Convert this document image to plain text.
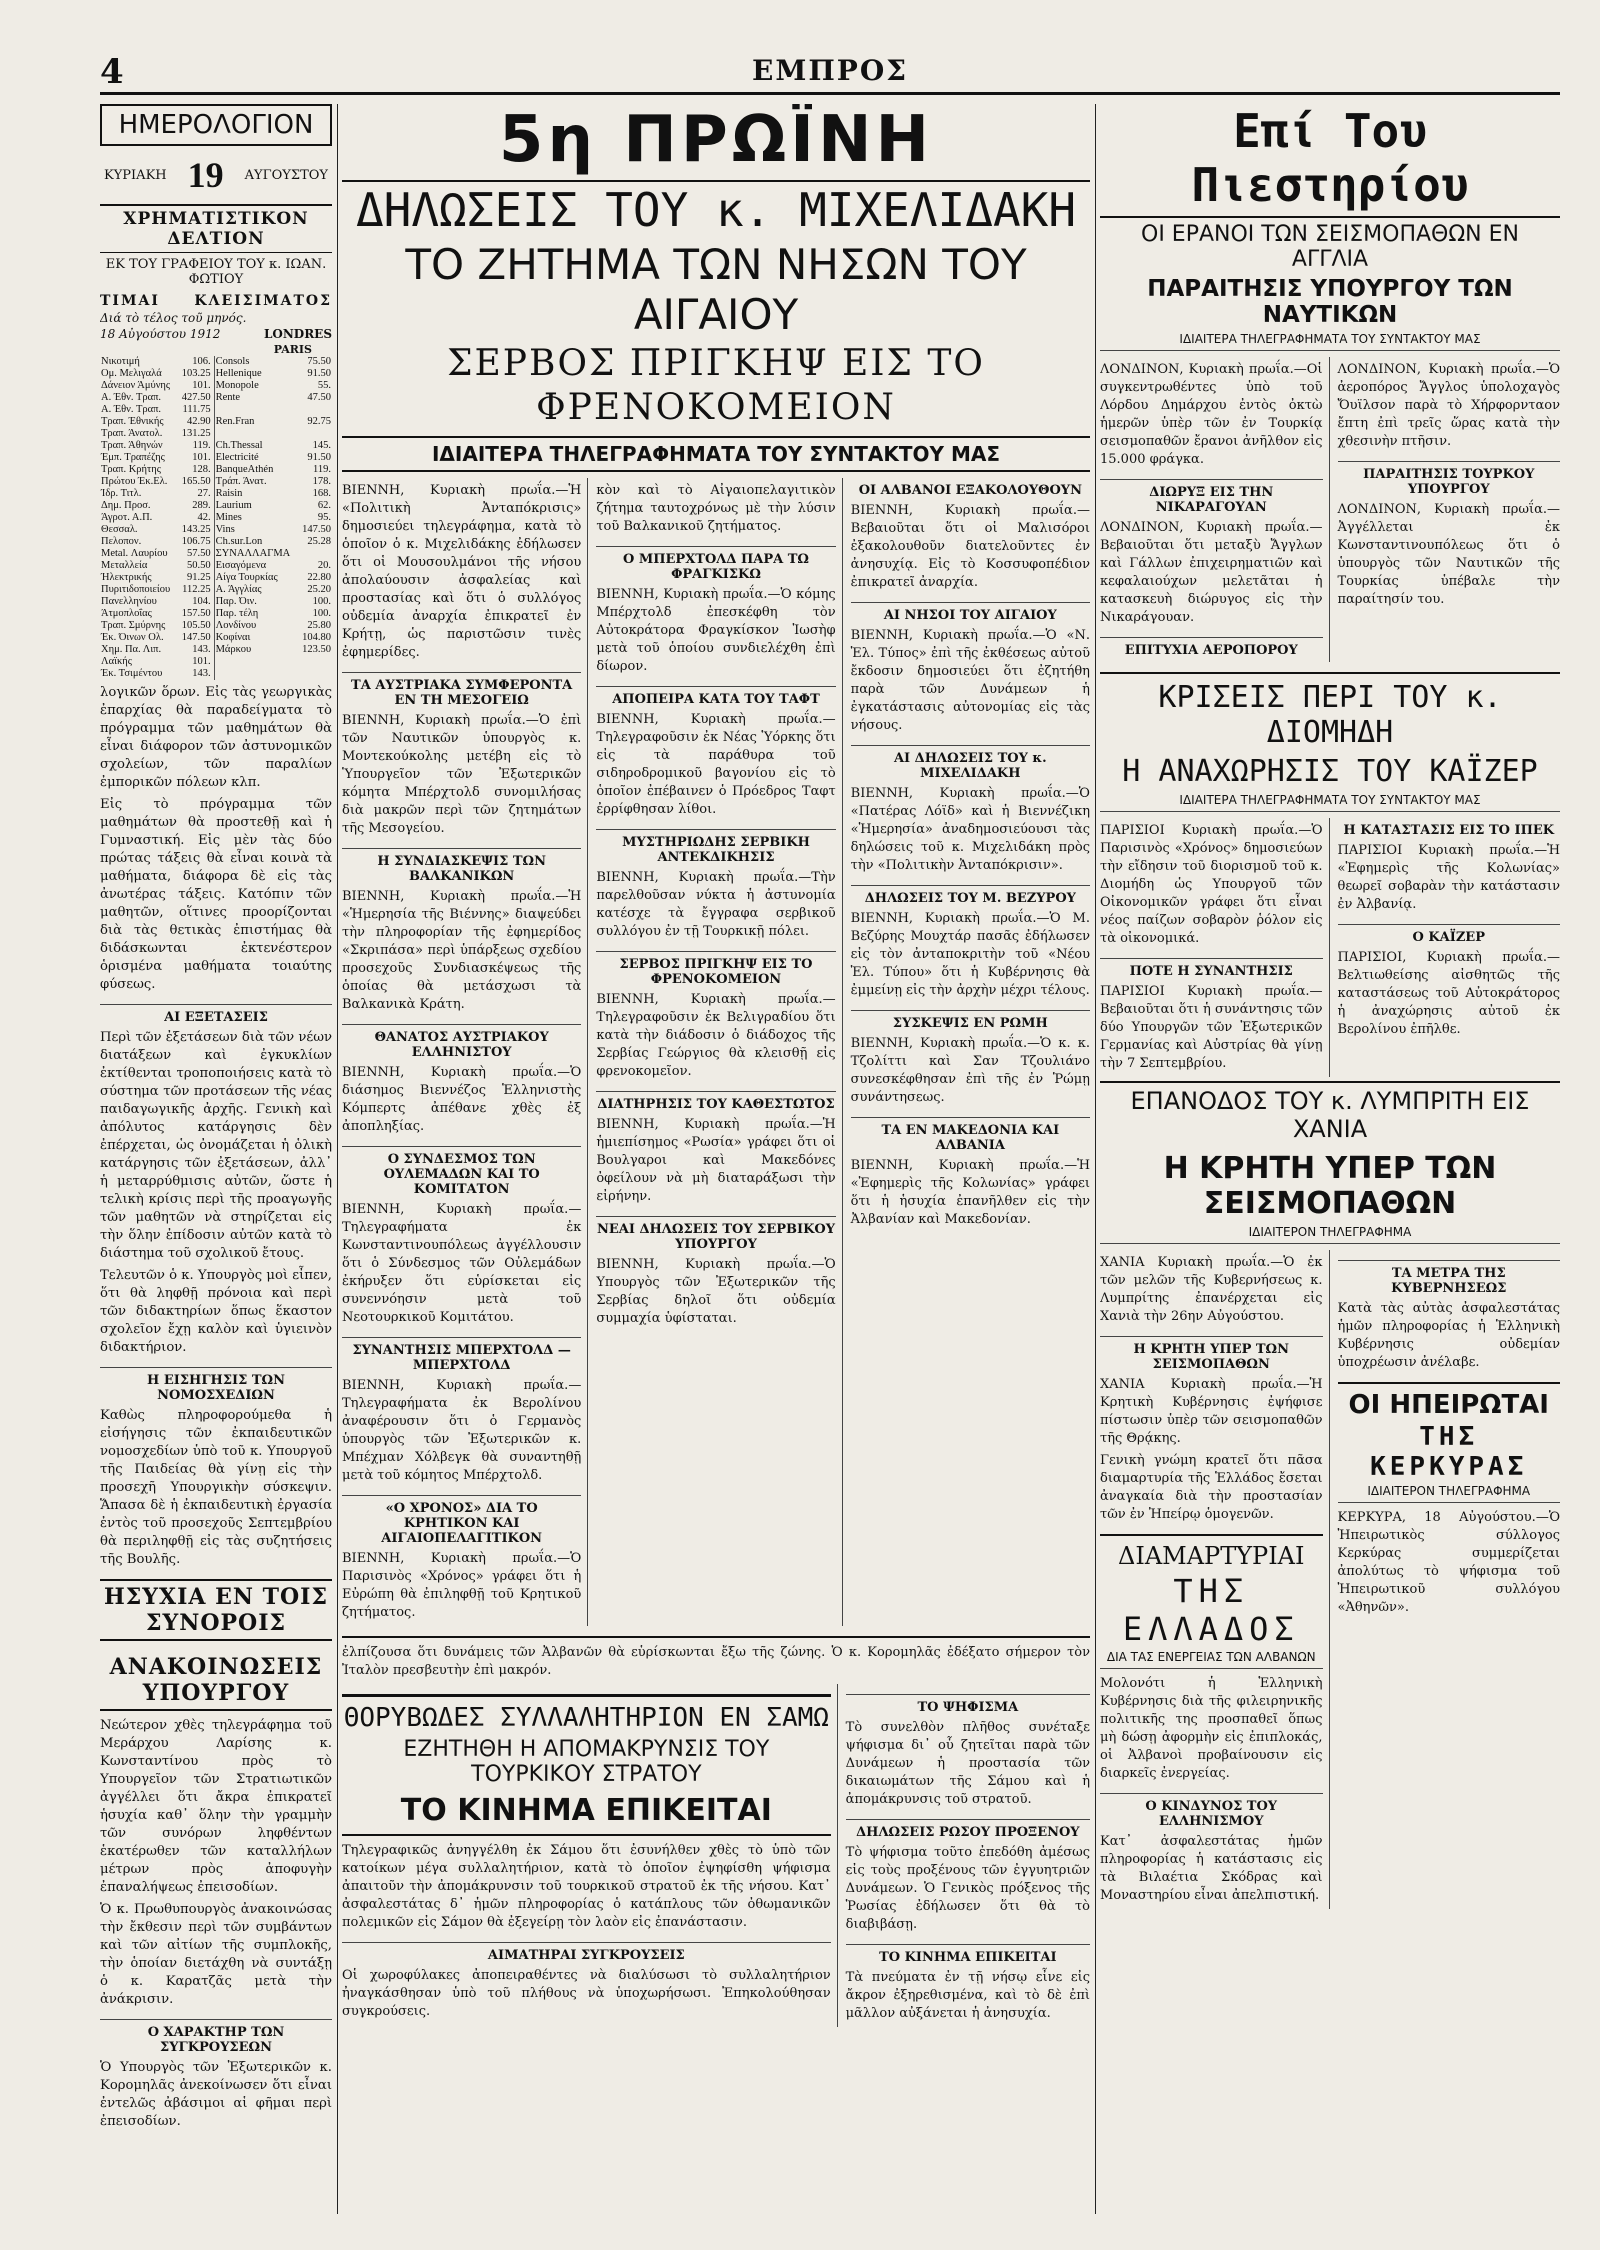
4	ΕΜΠΡΟΣ
ΗΜΕΡΟΛΟΓΙΟΝ
ΚΥΡΙΑΚΗ 19 ΑΥΓΟΥΣΤΟΥ
ΧΡΗΜΑΤΙΣΤΙΚΟΝ ΔΕΛΤΙΟΝ
ΕΚ ΤΟΥ ΓΡΑΦΕΙΟΥ ΤΟΥ κ. ΙΩΑΝ. ΦΩΤΙΟΥ
ΤΙΜΑΙ ΚΛΕΙΣΙΜΑΤΟΣ
Διά τὸ τέλος τοῦ μηνός.
18 Αὐγούστου 1912	LONDRES
PARIS
Νικοτιμή	106.	Consols	75.50
Ομ. Μελιγαλά	103.25	Hellenique	91.50
Δάνειον Άμύνης	101.	Monopole	55.
Α. Έθν. Τραπ.	427.50	Rente	47.50
Α. Έθν. Τραπ.	111.75		
Τραπ. Έθνικής	42.90	Ren.Fran	92.75
Τραπ. Άνατολ.	131.25		
Τραπ. Άθηνών	119.	Ch.Thessal	145.
Έμπ. Τραπέζης	101.	Electricité	91.50
Τραπ. Κρήτης	128.	BanqueAthén	119.
Πρώτου Έκ.Ελ.	165.50	Τράπ. Άνατ.	178.
Ίδρ. Τιτλ.	27.	Raisin	168.
Δημ. Προσ.	289.	Laurium	62.
Άγροτ. Α.Π.	42.	Mines	95.
Θεσσαλ.	143.25	Vins	147.50
Πελοπον.	106.75	Ch.sur.Lon	25.28
Metal. Λαυρίου	57.50	ΣΥΝΑΛΛΑΓΜΑ	
Μεταλλεία	50.50	Εισαγόμενα	20.
Ήλεκτρικής	91.25	Αίγα Τουρκίας	22.80
Πυριτιδοποιείου	112.25	Α. Άγγλίας	25.20
Πανελληνίου	104.	Παρ. Όιν.	100.
Άτμοπλοΐας	157.50	Παρ. τέλη	100.
Τραπ. Σμύρνης	105.50	Λονδίνου	25.80
Έκ. Όινων Ολ.	147.50	Κοφίναι	104.80
Χημ. Πα. Λιπ.	143.	Μάρκου	123.50
Λαϊκής	101.		
Έκ. Τσιμέντου	143.		
λογικῶν ὅρων. Εἰς τὰς γεωργικὰς ἐπαρχίας θὰ παραδείγματα τὸ πρόγραμμα τῶν μαθημάτων θὰ εἶναι διάφορον τῶν ἀστυνομικῶν σχολείων, τῶν παραλίων ἐμπορικῶν πόλεων κλπ.
Εἰς τὸ πρόγραμμα τῶν μαθημάτων θὰ προστεθῇ καὶ ἡ Γυμναστική. Εἰς μὲν τὰς δύο πρώτας τάξεις θὰ εἶναι κοινὰ τὰ μαθήματα, διάφορα δὲ εἰς τὰς ἀνωτέρας τάξεις. Κατόπιν τῶν μαθητῶν, οἵτινες προορίζονται διὰ τὰς θετικὰς ἐπιστήμας θὰ διδάσκωνται ἐκτενέστερον ὁρισμένα μαθήματα τοιαύτης φύσεως.
ΑΙ ΕΞΕΤΑΣΕΙΣ
Περὶ τῶν ἐξετάσεων διὰ τῶν νέων διατάξεων καὶ ἐγκυκλίων ἐκτίθενται τροποποιήσεις κατὰ τὸ σύστημα τῶν προτάσεων τῆς νέας παιδαγωγικῆς ἀρχῆς. Γενικὴ καὶ ἀπόλυτος κατάργησις δὲν ἐπέρχεται, ὡς ὀνομάζεται ἡ ὁλικὴ κατάργησις τῶν ἐξετάσεων, ἀλλ᾽ ἡ μεταρρύθμισις αὐτῶν, ὥστε ἡ τελικὴ κρίσις περὶ τῆς προαγωγῆς τῶν μαθητῶν νὰ στηρίζεται εἰς τὴν ὅλην ἐπίδοσιν αὐτῶν κατὰ τὸ διάστημα τοῦ σχολικοῦ ἔτους.
Τελευτῶν ὁ κ. Υπουργὸς μοὶ εἶπεν, ὅτι θὰ ληφθῇ πρόνοια καὶ περὶ τῶν διδακτηρίων ὅπως ἕκαστον σχολεῖον ἔχῃ καλὸν καὶ ὑγιεινὸν διδακτήριον.
Η ΕΙΣΗΓΗΣΙΣ ΤΩΝ ΝΟΜΟΣΧΕΔΙΩΝ
Καθὼς πληροφορούμεθα ἡ εἰσήγησις τῶν ἐκπαιδευτικῶν νομοσχεδίων ὑπὸ τοῦ κ. Υπουργοῦ τῆς Παιδείας θὰ γίνῃ εἰς τὴν προσεχῆ Υπουργικὴν σύσκεψιν. Ἅπασα δὲ ἡ ἐκπαιδευτικὴ ἐργασία ἐντὸς τοῦ προσεχοῦς Σεπτεμβρίου θὰ περιληφθῇ εἰς τὰς συζητήσεις τῆς Βουλῆς.
ΗΣΥΧΙΑ ΕΝ ΤΟΙΣ ΣΥΝΟΡΟΙΣ
ΑΝΑΚΟΙΝΩΣΕΙΣ ΥΠΟΥΡΓΟΥ
Νεώτερον χθὲς τηλεγράφημα τοῦ Μεράρχου Λαρίσης κ. Κωνσταντίνου πρὸς τὸ Υπουργεῖον τῶν Στρατιωτικῶν ἀγγέλλει ὅτι ἄκρα ἐπικρατεῖ ἡσυχία καθ᾽ ὅλην τὴν γραμμὴν τῶν συνόρων ληφθέντων ἑκατέρωθεν τῶν καταλλήλων μέτρων πρὸς ἀποφυγὴν ἐπαναλήψεως ἐπεισοδίων.
Ὁ κ. Πρωθυπουργὸς ἀνακοινώσας τὴν ἔκθεσιν περὶ τῶν συμβάντων καὶ τῶν αἰτίων τῆς συμπλοκῆς, τὴν ὁποίαν διετάχθη νὰ συντάξῃ ὁ κ. Καρατζᾶς μετὰ τὴν ἀνάκρισιν.
Ο ΧΑΡΑΚΤΗΡ ΤΩΝ ΣΥΓΚΡΟΥΣΕΩΝ
Ὁ Υπουργὸς τῶν Ἐξωτερικῶν κ. Κορομηλᾶς ἀνεκοίνωσεν ὅτι εἶναι ἐντελῶς ἀβάσιμοι αἱ φῆμαι περὶ ἐπεισοδίων.
5η ΠΡΩΪΝΗ
ΔΗΛΩΣΕΙΣ ΤΟΥ κ. ΜΙΧΕΛΙΔΑΚΗ
ΤΟ ΖΗΤΗΜΑ ΤΩΝ ΝΗΣΩΝ ΤΟΥ ΑΙΓΑΙΟΥ
ΣΕΡΒΟΣ ΠΡΙΓΚΗΨ ΕΙΣ ΤΟ ΦΡΕΝΟΚΟΜΕΙΟΝ
ΙΔΙΑΙΤΕΡΑ ΤΗΛΕΓΡΑΦΗΜΑΤΑ ΤΟΥ ΣΥΝΤΑΚΤΟΥ ΜΑΣ
ΒΙΕΝΝΗ, Κυριακὴ πρωΐα.—Ἡ «Πολιτικὴ Ἀνταπόκρισις» δημοσιεύει τηλεγράφημα, κατὰ τὸ ὁποῖον ὁ κ. Μιχελιδάκης ἐδήλωσεν ὅτι οἱ Μουσουλμάνοι τῆς νήσου ἀπολαύουσιν ἀσφαλείας καὶ προστασίας καὶ ὅτι ὁ συλλόγος οὐδεμία ἀναρχία ἐπικρατεῖ ἐν Κρήτῃ, ὡς παριστῶσιν τινὲς ἐφημερίδες.
ΤΑ ΑΥΣΤΡΙΑΚΑ ΣΥΜΦΕΡΟΝΤΑ ΕΝ ΤΗ ΜΕΣΟΓΕΙΩ
ΒΙΕΝΝΗ, Κυριακὴ πρωΐα.—Ὁ ἐπὶ τῶν Ναυτικῶν ὑπουργὸς κ. Μοντεκούκολης μετέβη εἰς τὸ Ὑπουργεῖον τῶν Ἐξωτερικῶν κόμητα Μπέρχτολδ συνομιλήσας διὰ μακρῶν περὶ τῶν ζητημάτων τῆς Μεσογείου.
Η ΣΥΝΔΙΑΣΚΕΨΙΣ ΤΩΝ ΒΑΛΚΑΝΙΚΩΝ
ΒΙΕΝΝΗ, Κυριακὴ πρωΐα.—Ἡ «Ἡμερησία τῆς Βιέννης» διαψεύδει τὴν πληροφορίαν τῆς ἐφημερίδος «Σκριπάσα» περὶ ὑπάρξεως σχεδίου προσεχοῦς Συνδιασκέψεως τῆς ὁποίας θὰ μετάσχωσι τὰ Βαλκανικὰ Κράτη.
ΘΑΝΑΤΟΣ ΑΥΣΤΡΙΑΚΟΥ ΕΛΛΗΝΙΣΤΟΥ
ΒΙΕΝΝΗ, Κυριακὴ πρωΐα.—Ὁ διάσημος Βιεννέζος Ἑλληνιστὴς Κόμπερτς ἀπέθανε χθὲς ἐξ ἀποπληξίας.
Ο ΣΥΝΔΕΣΜΟΣ ΤΩΝ ΟΥΛΕΜΑΔΩΝ ΚΑΙ ΤΟ ΚΟΜΙΤΑΤΟΝ
ΒΙΕΝΝΗ, Κυριακὴ πρωΐα.—Τηλεγραφήματα ἐκ Κωνσταντινουπόλεως ἀγγέλλουσιν ὅτι ὁ Σύνδεσμος τῶν Οὐλεμάδων ἐκήρυξεν ὅτι εὑρίσκεται εἰς συνεννόησιν μετὰ τοῦ Νεοτουρκικοῦ Κομιτάτου.
ΣΥΝΑΝΤΗΣΙΣ ΜΠΕΡΧΤΟΛΔ — ΜΠΕΡΧΤΟΛΔ
ΒΙΕΝΝΗ, Κυριακὴ πρωΐα.—Τηλεγραφήματα ἐκ Βερολίνου ἀναφέρουσιν ὅτι ὁ Γερμανὸς ὑπουργὸς τῶν Ἐξωτερικῶν κ. Μπέχμαν Χόλβεγκ θὰ συναντηθῇ μετὰ τοῦ κόμητος Μπέρχτολδ.
«Ο ΧΡΟΝΟΣ» ΔΙΑ ΤΟ ΚΡΗΤΙΚΟΝ ΚΑΙ ΑΙΓΑΙΟΠΕΛΑΓΙΤΙΚΟΝ
ΒΙΕΝΝΗ, Κυριακὴ πρωΐα.—Ὁ Παρισινὸς «Χρόνος» γράφει ὅτι ἡ Εὐρώπη θὰ ἐπιληφθῇ τοῦ Κρητικοῦ ζητήματος.
κὸν καὶ τὸ Αἰγαιοπελαγιτικὸν ζήτημα ταυτοχρόνως μὲ τὴν λύσιν τοῦ Βαλκανικοῦ ζητήματος.
Ο ΜΠΕΡΧΤΟΛΔ ΠΑΡΑ ΤΩ ΦΡΑΓΚΙΣΚΩ
ΒΙΕΝΝΗ, Κυριακὴ πρωΐα.—Ὁ κόμης Μπέρχτολδ ἐπεσκέφθη τὸν Αὐτοκράτορα Φραγκίσκον Ἰωσὴφ μετὰ τοῦ ὁποίου συνδιελέχθη ἐπὶ δίωρον.
ΑΠΟΠΕΙΡΑ ΚΑΤΑ ΤΟΥ ΤΑΦΤ
ΒΙΕΝΝΗ, Κυριακὴ πρωΐα.—Τηλεγραφοῦσιν ἐκ Νέας Ὑόρκης ὅτι εἰς τὰ παράθυρα τοῦ σιδηροδρομικοῦ βαγονίου εἰς τὸ ὁποῖον ἐπέβαινεν ὁ Πρόεδρος Ταφτ ἐρρίφθησαν λίθοι.
ΜΥΣΤΗΡΙΩΔΗΣ ΣΕΡΒΙΚΗ ΑΝΤΕΚΔΙΚΗΣΙΣ
ΒΙΕΝΝΗ, Κυριακὴ πρωΐα.—Τὴν παρελθοῦσαν νύκτα ἡ ἀστυνομία κατέσχε τὰ ἔγγραφα σερβικοῦ συλλόγου ἐν τῇ Τουρκικῇ πόλει.
ΣΕΡΒΟΣ ΠΡΙΓΚΗΨ ΕΙΣ ΤΟ ΦΡΕΝΟΚΟΜΕΙΟΝ
ΒΙΕΝΝΗ, Κυριακὴ πρωΐα.—Τηλεγραφοῦσιν ἐκ Βελιγραδίου ὅτι κατὰ τὴν διάδοσιν ὁ διάδοχος τῆς Σερβίας Γεώργιος θὰ κλεισθῇ εἰς φρενοκομεῖον.
ΔΙΑΤΗΡΗΣΙΣ ΤΟΥ ΚΑΘΕΣΤΩΤΟΣ
ΒΙΕΝΝΗ, Κυριακὴ πρωΐα.—Ἡ ἡμιεπίσημος «Ρωσία» γράφει ὅτι οἱ Βουλγαροι καὶ Μακεδόνες ὀφείλουν νὰ μὴ διαταράξωσι τὴν εἰρήνην.
ΝΕΑΙ ΔΗΛΩΣΕΙΣ ΤΟΥ ΣΕΡΒΙΚΟΥ ΥΠΟΥΡΓΟΥ
ΒΙΕΝΝΗ, Κυριακὴ πρωΐα.—Ὁ Υπουργὸς τῶν Ἐξωτερικῶν τῆς Σερβίας δηλοῖ ὅτι οὐδεμία συμμαχία ὑφίσταται.
ΟΙ ΑΛΒΑΝΟΙ ΕΞΑΚΟΛΟΥΘΟΥΝ
ΒΙΕΝΝΗ, Κυριακὴ πρωΐα.—Βεβαιοῦται ὅτι οἱ Μαλισόροι ἐξακολουθοῦν διατελοῦντες ἐν ἀνησυχίᾳ. Εἰς τὸ Κοσσυφοπέδιον ἐπικρατεῖ ἀναρχία.
ΑΙ ΝΗΣΟΙ ΤΟΥ ΑΙΓΑΙΟΥ
ΒΙΕΝΝΗ, Κυριακὴ πρωΐα.—Ὁ «Ν. Ἐλ. Τύπος» ἐπὶ τῆς ἐκθέσεως αὐτοῦ ἔκδοσιν δημοσιεύει ὅτι ἐζητήθη παρὰ τῶν Δυνάμεων ἡ ἐγκατάστασις αὐτονομίας εἰς τὰς νήσους.
ΑΙ ΔΗΛΩΣΕΙΣ ΤΟΥ κ. ΜΙΧΕΛΙΔΑΚΗ
ΒΙΕΝΝΗ, Κυριακὴ πρωΐα.—Ὁ «Πατέρας Λόϊδ» καὶ ἡ Βιεννέζικη «Ἡμερησία» ἀναδημοσιεύουσι τὰς δηλώσεις τοῦ κ. Μιχελιδάκη πρὸς τὴν «Πολιτικὴν Ἀνταπόκρισιν».
ΔΗΛΩΣΕΙΣ ΤΟΥ Μ. ΒΕΖΥΡΟΥ
ΒΙΕΝΝΗ, Κυριακὴ πρωΐα.—Ὁ Μ. Βεζύρης Μουχτάρ πασᾶς ἐδήλωσεν εἰς τὸν ἀνταποκριτὴν τοῦ «Νέου Ἐλ. Τύπου» ὅτι ἡ Κυβέρνησις θὰ ἐμμείνῃ εἰς τὴν ἀρχὴν μέχρι τέλους.
ΣΥΣΚΕΨΙΣ ΕΝ ΡΩΜΗ
ΒΙΕΝΝΗ, Κυριακὴ πρωΐα.—Ὁ κ. κ. Τζολίττι καὶ Σαν Τζουλιάνο συνεσκέφθησαν ἐπὶ τῆς ἐν Ῥώμῃ συνάντησεως.
ΤΑ ΕΝ ΜΑΚΕΔΟΝΙΑ ΚΑΙ ΑΛΒΑΝΙΑ
ΒΙΕΝΝΗ, Κυριακὴ πρωΐα.—Ἡ «Ἐφημερὶς τῆς Κολωνίας» γράφει ὅτι ἡ ἡσυχία ἐπανῆλθεν εἰς τὴν Ἀλβανίαν καὶ Μακεδονίαν.
ἐλπίζουσα ὅτι δυνάμεις τῶν Ἀλβανῶν θὰ εὑρίσκωνται ἔξω τῆς ζώνης. Ὁ κ. Κορομηλᾶς ἐδέξατο σήμερον τὸν Ἰταλὸν πρεσβευτὴν ἐπὶ μακρόν.
ΘΟΡΥΒΩΔΕΣ ΣΥΛΛΑΛΗΤΗΡΙΟΝ ΕΝ ΣΑΜΩ
ΕΖΗΤΗΘΗ Η ΑΠΟΜΑΚΡΥΝΣΙΣ ΤΟΥ ΤΟΥΡΚΙΚΟΥ ΣΤΡΑΤΟΥ
ΤΟ ΚΙΝΗΜΑ ΕΠΙΚΕΙΤΑΙ
Τηλεγραφικῶς ἀνηγγέλθη ἐκ Σάμου ὅτι ἐσυνήλθεν χθὲς τὸ ὑπὸ τῶν κατοίκων μέγα συλλαλητήριον, κατὰ τὸ ὁποῖον ἐψηφίσθη ψήφισμα ἀπαιτοῦν τὴν ἀπομάκρυνσιν τοῦ τουρκικοῦ στρατοῦ ἐκ τῆς νήσου. Κατ᾽ ἀσφαλεστάτας δ᾽ ἡμῶν πληροφορίας ὁ κατάπλους τῶν ὀθωμανικῶν πολεμικῶν εἰς Σάμον θὰ ἐξεγείρῃ τὸν λαὸν εἰς ἐπανάστασιν.
ΑΙΜΑΤΗΡΑΙ ΣΥΓΚΡΟΥΣΕΙΣ
Οἱ χωροφύλακες ἀποπειραθέντες νὰ διαλύσωσι τὸ συλλαλητήριον ἠναγκάσθησαν ὑπὸ τοῦ πλήθους νὰ ὑποχωρήσωσι. Ἐπηκολούθησαν συγκρούσεις.
ΤΟ ΨΗΦΙΣΜΑ
Τὸ συνελθὸν πλῆθος συνέταξε ψήφισμα δι᾽ οὗ ζητεῖται παρὰ τῶν Δυνάμεων ἡ προστασία τῶν δικαιωμάτων τῆς Σάμου καὶ ἡ ἀπομάκρυνσις τοῦ στρατοῦ.
ΔΗΛΩΣΕΙΣ ΡΩΣΟΥ ΠΡΟΞΕΝΟΥ
Τὸ ψήφισμα τοῦτο ἐπεδόθη ἀμέσως εἰς τοὺς προξένους τῶν ἐγγυητριῶν Δυνάμεων. Ὁ Γενικὸς πρόξενος τῆς Ῥωσίας ἐδήλωσεν ὅτι θὰ τὸ διαβιβάσῃ.
ΤΟ ΚΙΝΗΜΑ ΕΠΙΚΕΙΤΑΙ
Τὰ πνεύματα ἐν τῇ νήσῳ εἶνε εἰς ἄκρον ἐξηρεθισμένα, καὶ τὸ δὲ ἐπὶ μᾶλλον αὐξάνεται ἡ ἀνησυχία.
Επί Του Πιεστηρίου
ΟΙ ΕΡΑΝΟΙ ΤΩΝ ΣΕΙΣΜΟΠΑΘΩΝ ΕΝ ΑΓΓΛΙΑ
ΠΑΡΑΙΤΗΣΙΣ ΥΠΟΥΡΓΟΥ ΤΩΝ ΝΑΥΤΙΚΩΝ
ΙΔΙΑΙΤΕΡΑ ΤΗΛΕΓΡΑΦΗΜΑΤΑ ΤΟΥ ΣΥΝΤΑΚΤΟΥ ΜΑΣ
ΛΟΝΔΙΝΟΝ, Κυριακὴ πρωΐα.—Οἱ συγκεντρωθέντες ὑπὸ τοῦ Λόρδου Δημάρχου ἐντὸς ὀκτὼ ἡμερῶν ὑπὲρ τῶν ἐν Τουρκίᾳ σεισμοπαθῶν ἔρανοι ἀνῆλθον εἰς 15.000 φράγκα.
ΔΙΩΡΥΞ ΕΙΣ ΤΗΝ ΝΙΚΑΡΑΓΟΥΑΝ
ΛΟΝΔΙΝΟΝ, Κυριακὴ πρωΐα.—Βεβαιοῦται ὅτι μεταξὺ Ἄγγλων καὶ Γάλλων ἐπιχειρηματιῶν καὶ κεφαλαιούχων μελετᾶται ἡ κατασκευὴ διώρυγος εἰς τὴν Νικαράγουαν.
ΕΠΙΤΥΧΙΑ ΑΕΡΟΠΟΡΟΥ
ΛΟΝΔΙΝΟΝ, Κυριακὴ πρωΐα.—Ὁ ἀεροπόρος Ἄγγλος ὑπολοχαγὸς Ὄυϊλσον παρὰ τὸ Χήρφορνταον ἔπτη ἐπὶ τρεῖς ὥρας κατὰ τὴν χθεσινὴν πτῆσιν.
ΠΑΡΑΙΤΗΣΙΣ ΤΟΥΡΚΟΥ ΥΠΟΥΡΓΟΥ
ΛΟΝΔΙΝΟΝ, Κυριακὴ πρωΐα.—Ἀγγέλλεται ἐκ Κωνσταντινουπόλεως ὅτι ὁ ὑπουργὸς τῶν Ναυτικῶν τῆς Τουρκίας ὑπέβαλε τὴν παραίτησίν του.
ΚΡΙΣΕΙΣ ΠΕΡΙ ΤΟΥ κ. ΔΙΟΜΗΔΗ
Η ΑΝΑΧΩΡΗΣΙΣ ΤΟΥ ΚΑΪΖΕΡ
ΙΔΙΑΙΤΕΡΑ ΤΗΛΕΓΡΑΦΗΜΑΤΑ ΤΟΥ ΣΥΝΤΑΚΤΟΥ ΜΑΣ
ΠΑΡΙΣΙΟΙ Κυριακὴ πρωΐα.—Ὁ Παρισινὸς «Χρόνος» δημοσιεύων τὴν εἴδησιν τοῦ διορισμοῦ τοῦ κ. Διομήδη ὡς Υπουργοῦ τῶν Οἰκονομικῶν γράφει ὅτι εἶναι νέος παίζων σοβαρὸν ῥόλον εἰς τὰ οἰκονομικά.
ΠΟΤΕ Η ΣΥΝΑΝΤΗΣΙΣ
ΠΑΡΙΣΙΟΙ Κυριακὴ πρωΐα.—Βεβαιοῦται ὅτι ἡ συνάντησις τῶν δύο Υπουργῶν τῶν Ἐξωτερικῶν Γερμανίας καὶ Αὐστρίας θὰ γίνῃ τὴν 7 Σεπτεμβρίου.
Η ΚΑΤΑΣΤΑΣΙΣ ΕΙΣ ΤΟ ΙΠΕΚ
ΠΑΡΙΣΙΟΙ Κυριακὴ πρωΐα.—Ἡ «Ἐφημερὶς τῆς Κολωνίας» θεωρεῖ σοβαρὰν τὴν κατάστασιν ἐν Ἀλβανίᾳ.
Ο ΚΑΪΖΕΡ
ΠΑΡΙΣΙΟΙ, Κυριακὴ πρωΐα.—Βελτιωθείσης αἰσθητῶς τῆς καταστάσεως τοῦ Αὐτοκράτορος ἡ ἀναχώρησις αὐτοῦ ἐκ Βερολίνου ἐπῆλθε.
ΕΠΑΝΟΔΟΣ ΤΟΥ κ. ΛΥΜΠΡΙΤΗ ΕΙΣ ΧΑΝΙΑ
Η ΚΡΗΤΗ ΥΠΕΡ ΤΩΝ ΣΕΙΣΜΟΠΑΘΩΝ
ΙΔΙΑΙΤΕΡΟΝ ΤΗΛΕΓΡΑΦΗΜΑ
ΧΑΝΙΑ Κυριακὴ πρωΐα.—Ὁ ἐκ τῶν μελῶν τῆς Κυβερνήσεως κ. Λυμπρίτης ἐπανέρχεται εἰς Χανιὰ τὴν 26ην Αὐγούστου.
Η ΚΡΗΤΗ ΥΠΕΡ ΤΩΝ ΣΕΙΣΜΟΠΑΘΩΝ
ΧΑΝΙΑ Κυριακὴ πρωΐα.—Ἡ Κρητικὴ Κυβέρνησις ἐψήφισε πίστωσιν ὑπὲρ τῶν σεισμοπαθῶν τῆς Θρᾴκης.
Γενικὴ γνώμη κρατεῖ ὅτι πᾶσα διαμαρτυρία τῆς Ἑλλάδος ἔσεται ἀναγκαία διὰ τὴν προστασίαν τῶν ἐν Ἠπείρῳ ὁμογενῶν.
ΔΙΑΜΑΡΤΥΡΙΑΙ
ΤΗΣ ΕΛΛΑΔΟΣ
ΔΙΑ ΤΑΣ ΕΝΕΡΓΕΙΑΣ ΤΩΝ ΑΛΒΑΝΩΝ
Μολονότι ἡ Ἑλληνικὴ Κυβέρνησις διὰ τῆς φιλειρηνικῆς πολιτικῆς της προσπαθεῖ ὅπως μὴ δώσῃ ἀφορμὴν εἰς ἐπιπλοκάς, οἱ Ἀλβανοὶ προβαίνουσιν εἰς διαρκεῖς ἐνεργείας.
Ο ΚΙΝΔΥΝΟΣ ΤΟΥ ΕΛΛΗΝΙΣΜΟΥ
Κατ᾽ ἀσφαλεστάτας ἡμῶν πληροφορίας ἡ κατάστασις εἰς τὰ Βιλαέτια Σκόδρας καὶ Μοναστηρίου εἶναι ἀπελπιστική.
ΤΑ ΜΕΤΡΑ ΤΗΣ ΚΥΒΕΡΝΗΣΕΩΣ
Κατὰ τὰς αὐτὰς ἀσφαλεστάτας ἡμῶν πληροφορίας ἡ Ἑλληνικὴ Κυβέρνησις οὐδεμίαν ὑποχρέωσιν ἀνέλαβε.
ΟΙ ΗΠΕΙΡΩΤΑΙ
ΤΗΣ ΚΕΡΚΥΡΑΣ
ΙΔΙΑΙΤΕΡΟΝ ΤΗΛΕΓΡΑΦΗΜΑ
ΚΕΡΚΥΡΑ, 18 Αὐγούστου.—Ὁ Ἠπειρωτικὸς σύλλογος Κερκύρας συμμερίζεται ἀπολύτως τὸ ψήφισμα τοῦ Ἠπειρωτικοῦ συλλόγου «Ἀθηνῶν».
